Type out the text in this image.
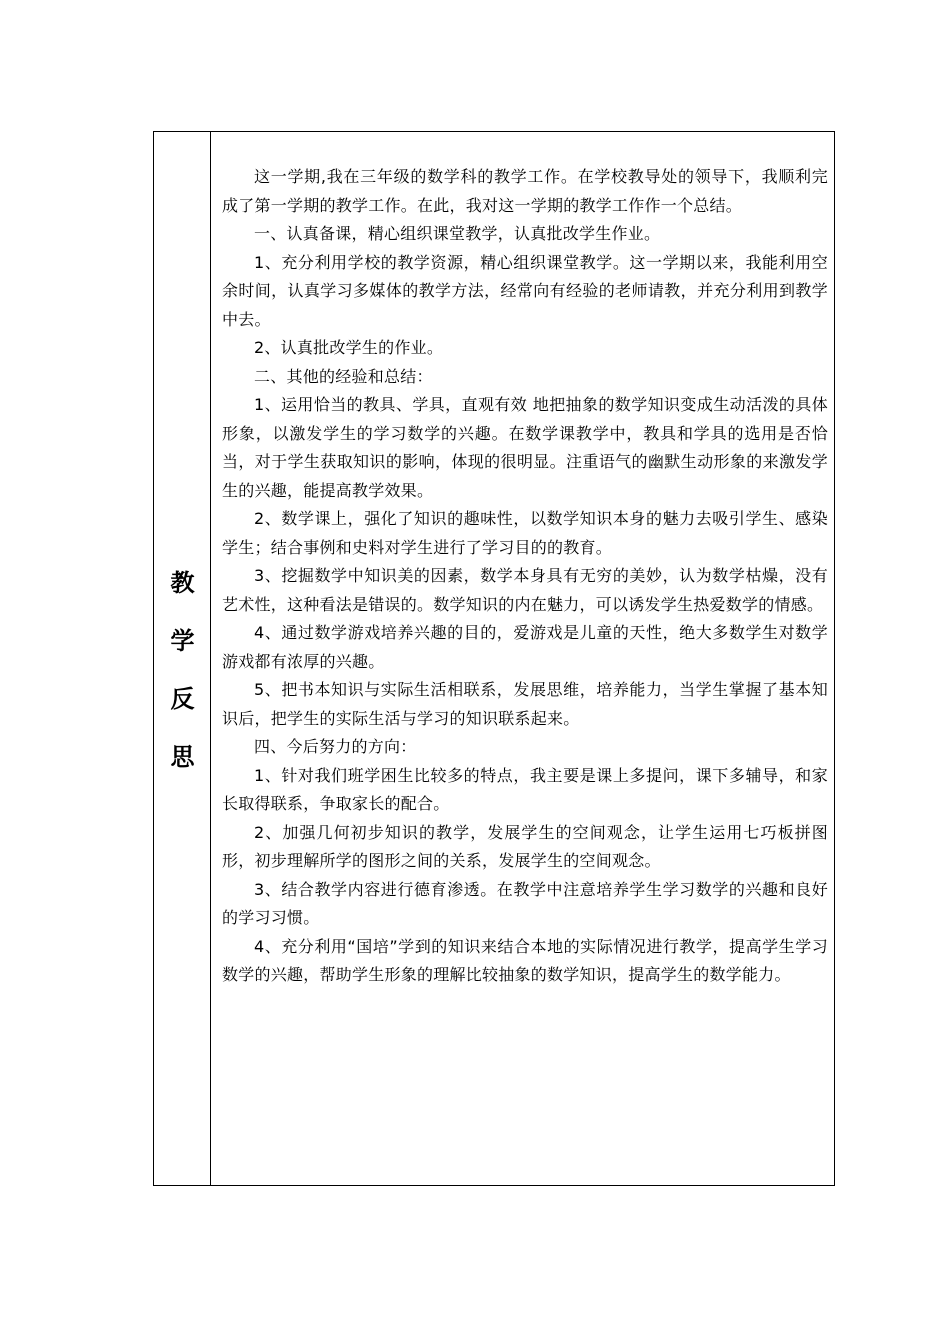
教
学
反
思

这一学期,我在三年级的数学科的教学工作。在学校教导处的领导下，我顺利完成了第一学期的教学工作。在此，我对这一学期的教学工作作一个总结。

一、认真备课，精心组织课堂教学，认真批改学生作业。

1、充分利用学校的教学资源，精心组织课堂教学。这一学期以来，我能利用空余时间，认真学习多媒体的教学方法，经常向有经验的老师请教，并充分利用到教学中去。

2、认真批改学生的作业。

二、其他的经验和总结：

1、运用恰当的教具、学具，直观有效 地把抽象的数学知识变成生动活泼的具体形象，以激发学生的学习数学的兴趣。在数学课教学中，教具和学具的选用是否恰当，对于学生获取知识的影响，体现的很明显。注重语气的幽默生动形象的来激发学生的兴趣，能提高教学效果。

2、数学课上，强化了知识的趣味性，以数学知识本身的魅力去吸引学生、感染学生；结合事例和史料对学生进行了学习目的的教育。

3、挖掘数学中知识美的因素，数学本身具有无穷的美妙，认为数学枯燥，没有艺术性，这种看法是错误的。数学知识的内在魅力，可以诱发学生热爱数学的情感。

4、通过数学游戏培养兴趣的目的，爱游戏是儿童的天性，绝大多数学生对数学游戏都有浓厚的兴趣。

5、把书本知识与实际生活相联系，发展思维，培养能力，当学生掌握了基本知识后，把学生的实际生活与学习的知识联系起来。

四、今后努力的方向：

1、针对我们班学困生比较多的特点，我主要是课上多提问，课下多辅导，和家长取得联系，争取家长的配合。

2、加强几何初步知识的教学，发展学生的空间观念，让学生运用七巧板拼图形，初步理解所学的图形之间的关系，发展学生的空间观念。

3、结合教学内容进行德育渗透。在教学中注意培养学生学习数学的兴趣和良好的学习习惯。

4、充分利用“国培”学到的知识来结合本地的实际情况进行教学，提高学生学习数学的兴趣，帮助学生形象的理解比较抽象的数学知识，提高学生的数学能力。
